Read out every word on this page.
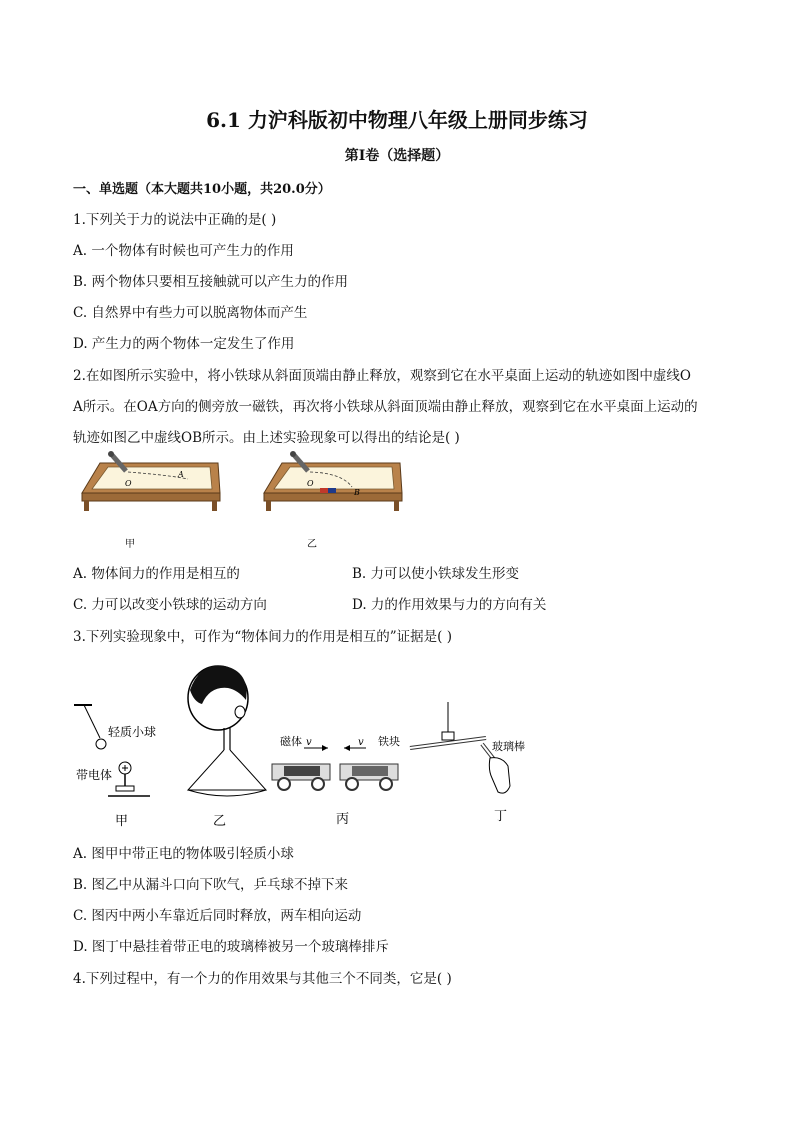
6.1 力沪科版初中物理八年级上册同步练习
第I卷（选择题）
一、单选题（本大题共10小题，共20.0分）
1.下列关于力的说法中正确的是( )
A. 一个物体有时候也可产生力的作用
B. 两个物体只要相互接触就可以产生力的作用
C. 自然界中有些力可以脱离物体而产生
D. 产生力的两个物体一定发生了作用
2.在如图所示实验中，将小铁球从斜面顶端由静止释放，观察到它在水平桌面上运动的轨迹如图中虚线O
A所示。在OA方向的侧旁放一磁铁，再次将小铁球从斜面顶端由静止释放，观察到它在水平桌面上运动的
轨迹如图乙中虚线OB所示。由上述实验现象可以得出的结论是( )
O
A
甲
O
B
乙
A. 物体间力的作用是相互的	B. 力可以使小铁球发生形变
C. 力可以改变小铁球的运动方向	D. 力的作用效果与力的方向有关
3.下列实验现象中，可作为“物体间力的作用是相互的”证据是( )
轻质小球
带电体
甲	乙
磁体 v	v 铁块
丙
玻璃棒
丁
A. 图甲中带正电的物体吸引轻质小球
B. 图乙中从漏斗口向下吹气，乒乓球不掉下来
C. 图丙中两小车靠近后同时释放，两车相向运动
D. 图丁中悬挂着带正电的玻璃棒被另一个玻璃棒排斥
4.下列过程中，有一个力的作用效果与其他三个不同类，它是( )
